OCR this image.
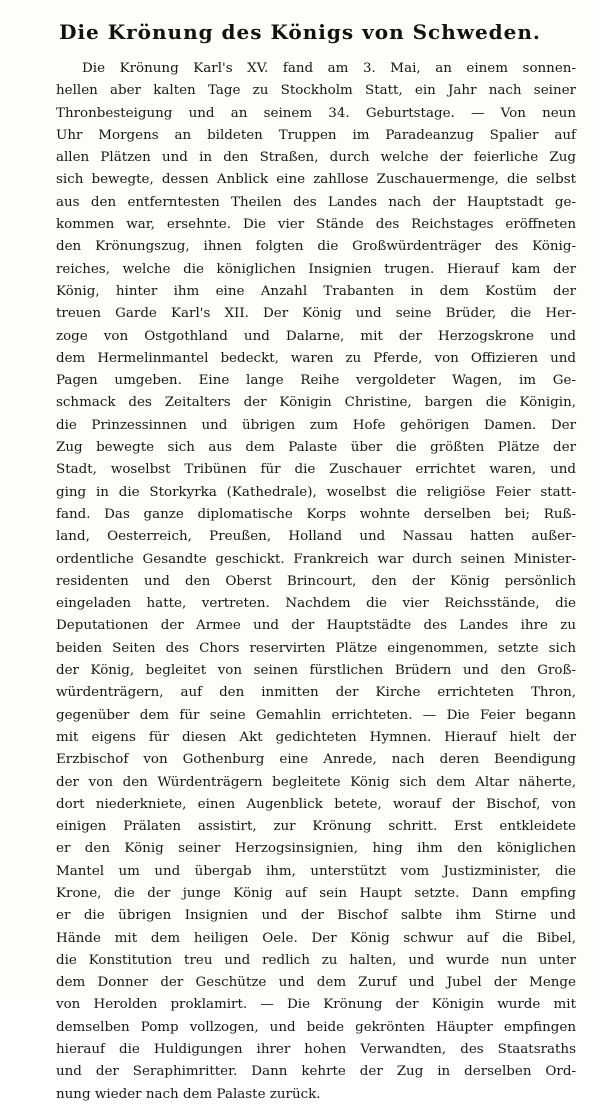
Die Krönung des Königs von Schweden.
Die Krönung Karl's XV. fand am 3. Mai, an einem sonnen-
hellen aber kalten Tage zu Stockholm Statt, ein Jahr nach seiner
Thronbesteigung und an seinem 34. Geburtstage. — Von neun
Uhr Morgens an bildeten Truppen im Paradeanzug Spalier auf
allen Plätzen und in den Straßen, durch welche der feierliche Zug
sich bewegte, dessen Anblick eine zahllose Zuschauermenge, die selbst
aus den entferntesten Theilen des Landes nach der Hauptstadt ge-
kommen war, ersehnte. Die vier Stände des Reichstages eröffneten
den Krönungszug, ihnen folgten die Großwürdenträger des König-
reiches, welche die königlichen Insignien trugen. Hierauf kam der
König, hinter ihm eine Anzahl Trabanten in dem Kostüm der
treuen Garde Karl's XII. Der König und seine Brüder, die Her-
zoge von Ostgothland und Dalarne, mit der Herzogskrone und
dem Hermelinmantel bedeckt, waren zu Pferde, von Offizieren und
Pagen umgeben. Eine lange Reihe vergoldeter Wagen, im Ge-
schmack des Zeitalters der Königin Christine, bargen die Königin,
die Prinzessinnen und übrigen zum Hofe gehörigen Damen. Der
Zug bewegte sich aus dem Palaste über die größten Plätze der
Stadt, woselbst Tribünen für die Zuschauer errichtet waren, und
ging in die Storkyrka (Kathedrale), woselbst die religiöse Feier statt-
fand. Das ganze diplomatische Korps wohnte derselben bei; Ruß-
land, Oesterreich, Preußen, Holland und Nassau hatten außer-
ordentliche Gesandte geschickt. Frankreich war durch seinen Minister-
residenten und den Oberst Brincourt, den der König persönlich
eingeladen hatte, vertreten. Nachdem die vier Reichsstände, die
Deputationen der Armee und der Hauptstädte des Landes ihre zu
beiden Seiten des Chors reservirten Plätze eingenommen, setzte sich
der König, begleitet von seinen fürstlichen Brüdern und den Groß-
würdenträgern, auf den inmitten der Kirche errichteten Thron,
gegenüber dem für seine Gemahlin errichteten. — Die Feier begann
mit eigens für diesen Akt gedichteten Hymnen. Hierauf hielt der
Erzbischof von Gothenburg eine Anrede, nach deren Beendigung
der von den Würdenträgern begleitete König sich dem Altar näherte,
dort niederkniete, einen Augenblick betete, worauf der Bischof, von
einigen Prälaten assistirt, zur Krönung schritt. Erst entkleidete
er den König seiner Herzogsinsignien, hing ihm den königlichen
Mantel um und übergab ihm, unterstützt vom Justizminister, die
Krone, die der junge König auf sein Haupt setzte. Dann empfing
er die übrigen Insignien und der Bischof salbte ihm Stirne und
Hände mit dem heiligen Oele. Der König schwur auf die Bibel,
die Konstitution treu und redlich zu halten, und wurde nun unter
dem Donner der Geschütze und dem Zuruf und Jubel der Menge
von Herolden proklamirt. — Die Krönung der Königin wurde mit
demselben Pomp vollzogen, und beide gekrönten Häupter empfingen
hierauf die Huldigungen ihrer hohen Verwandten, des Staatsraths
und der Seraphimritter. Dann kehrte der Zug in derselben Ord-
nung wieder nach dem Palaste zurück.
